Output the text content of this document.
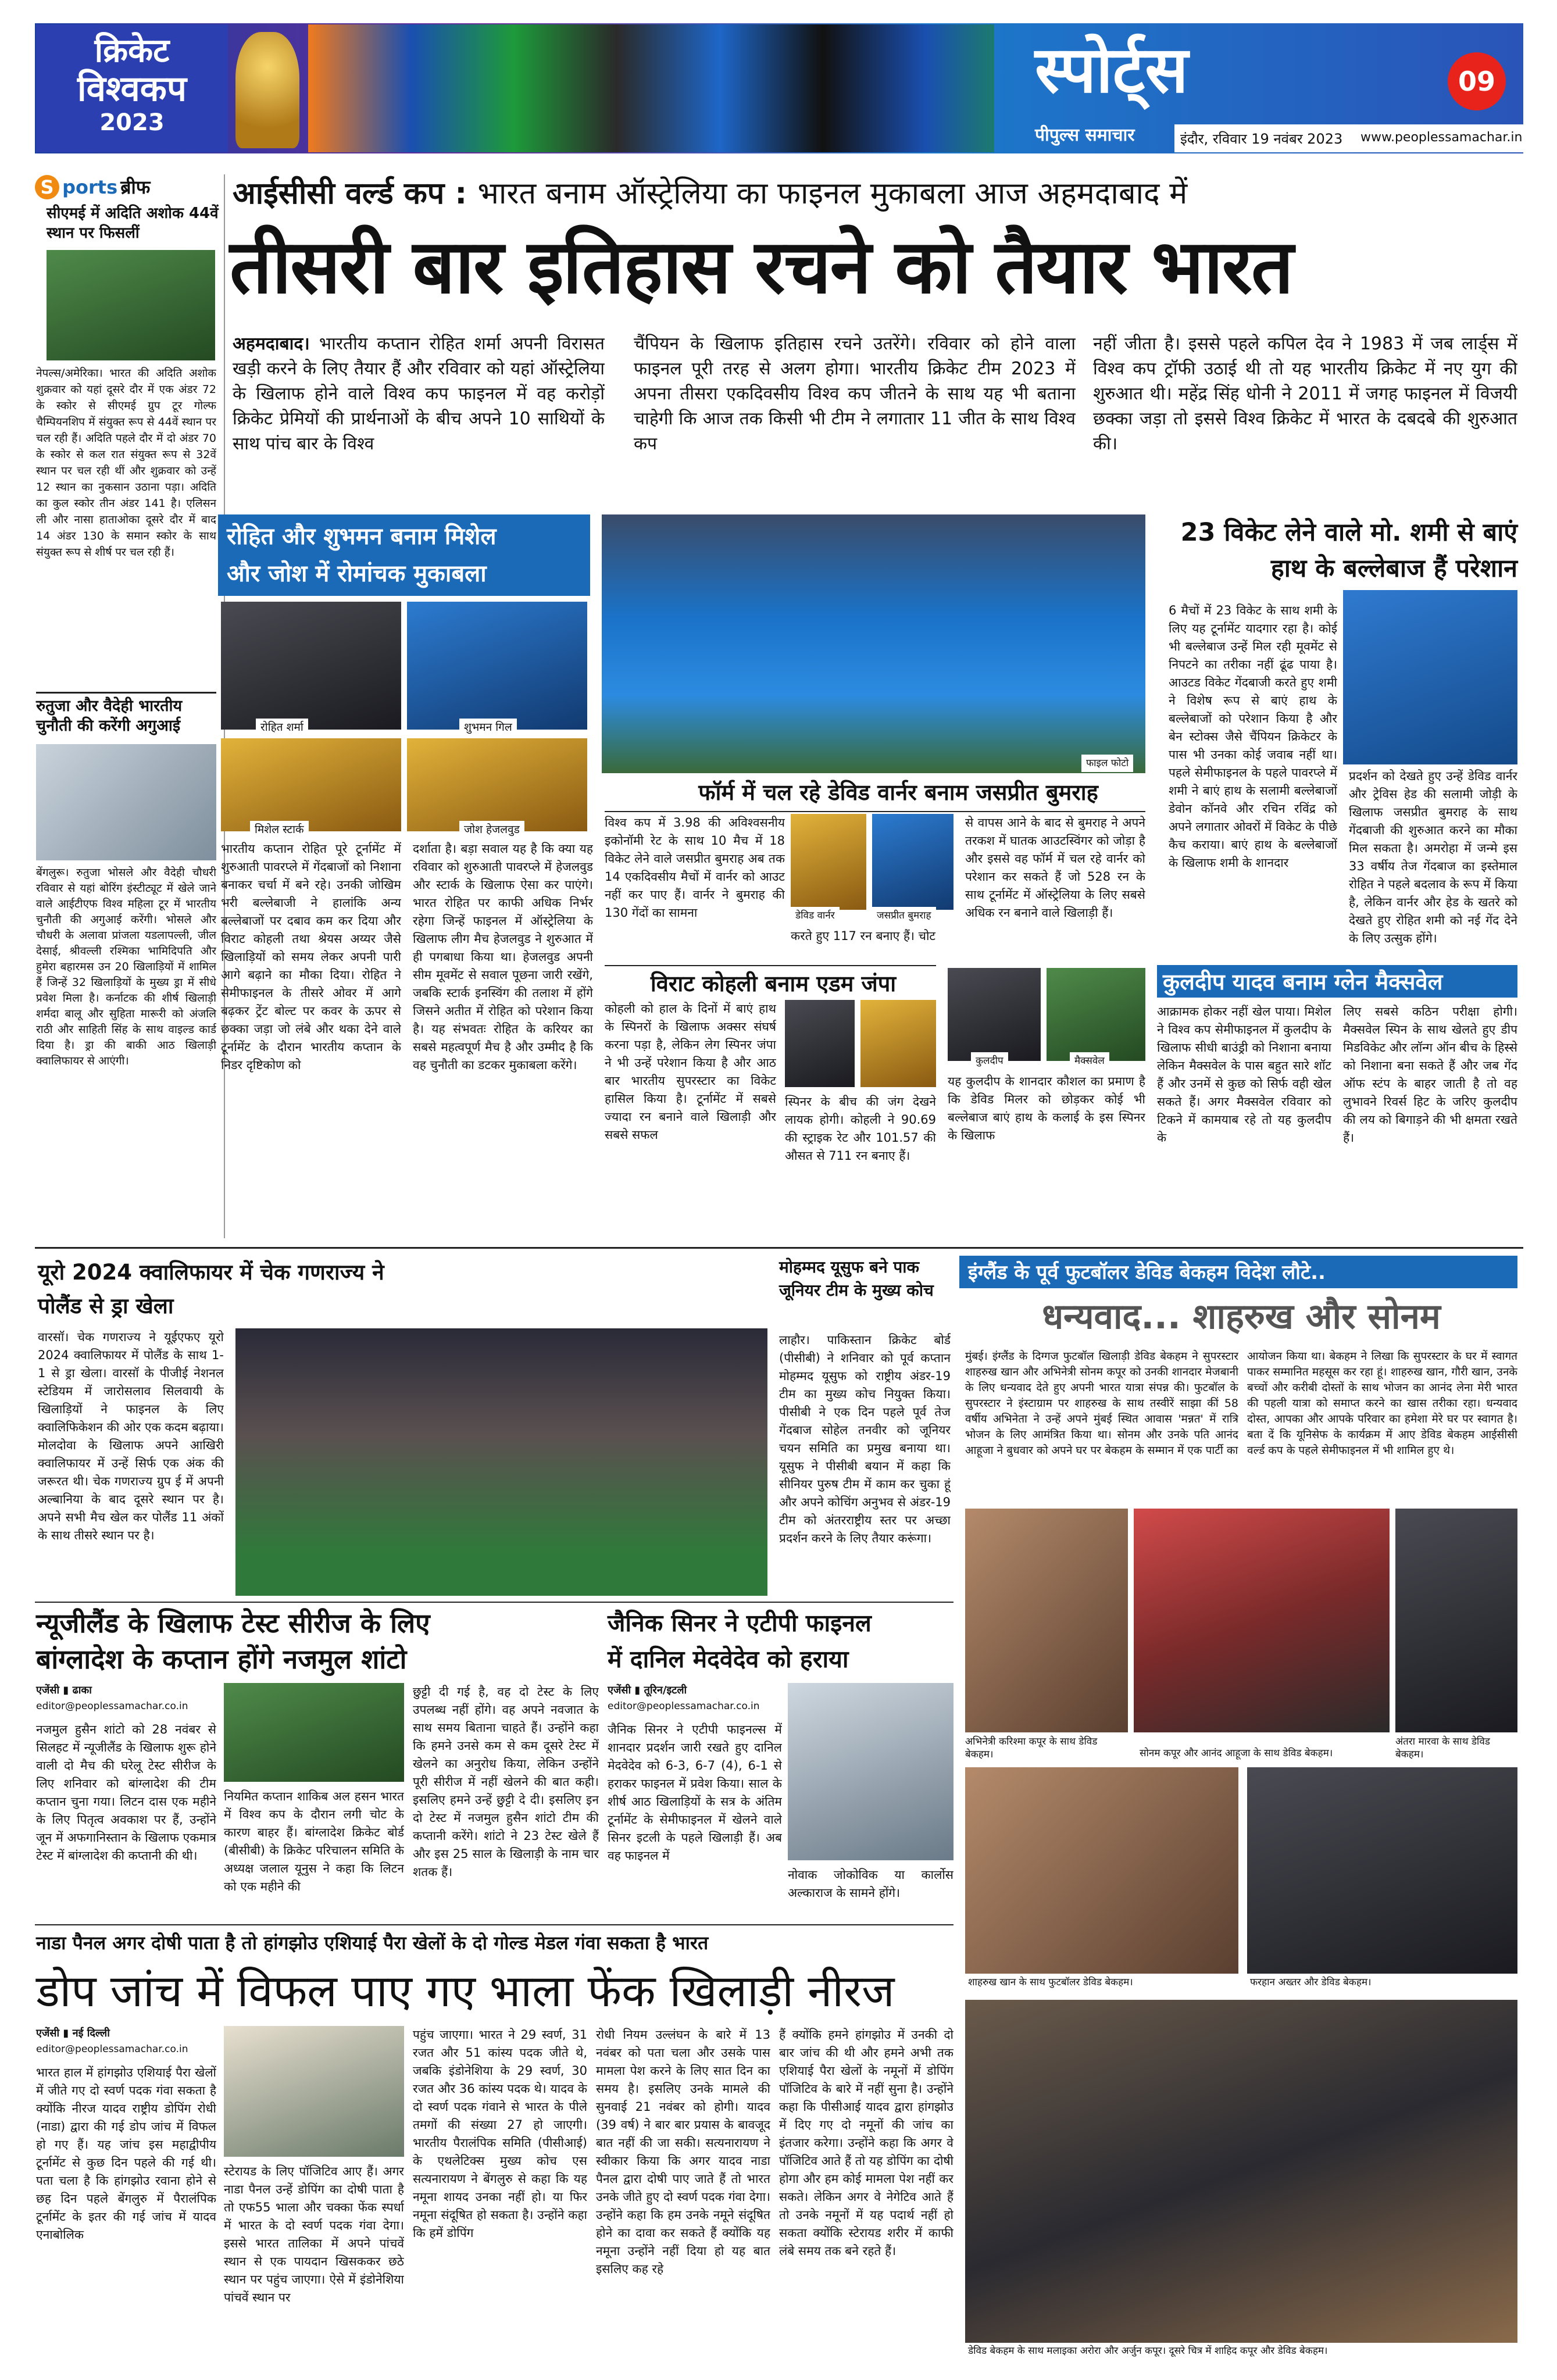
क्रिकेट
विश्वकप
2023
स्पोर्ट्स
पीपुल्स समाचार	इंदौर, रविवार 19 नवंबर 2023 www.peoplessamachar.in
09
S ports ब्रीफ
सीएमई में अदिति अशोक 44वें स्थान पर फिसलीं
नेपल्स/अमेरिका। भारत की अदिति अशोक शुक्रवार को यहां दूसरे दौर में एक अंडर 72 के स्कोर से सीएमई ग्रुप टूर गोल्फ चैम्पियनशिप में संयुक्त रूप से 44वें स्थान पर चल रही हैं। अदिति पहले दौर में दो अंडर 70 के स्कोर से कल रात संयुक्त रूप से 32वें स्थान पर चल रही थीं और शुक्रवार को उन्हें 12 स्थान का नुकसान उठाना पड़ा। अदिति का कुल स्कोर तीन अंडर 141 है। एलिसन ली और नासा हाताओका दूसरे दौर में बाद 14 अंडर 130 के समान स्कोर के साथ संयुक्त रूप से शीर्ष पर चल रही हैं।
रुतुजा और वैदेही भारतीय चुनौती की करेंगी अगुआई
बेंगलुरू। रुतुजा भोसले और वैदेही चौधरी रविवार से यहां बोरिंग इंस्टीट्यूट में खेले जाने वाले आईटीएफ विश्व महिला टूर में भारतीय चुनौती की अगुआई करेंगी। भोसले और चौधरी के अलावा प्रांजला यडलापल्ली, जील देसाई, श्रीवल्ली रश्मिका भामिदिपति और हुमेरा बहारमस उन 20 खिलाड़ियों में शामिल हैं जिन्हें 32 खिलाड़ियों के मुख्य ड्रा में सीधे प्रवेश मिला है। कर्नाटक की शीर्ष खिलाड़ी शर्मदा बालू और सुहिता मारूरी को अंजलि राठी और साहिती सिंह के साथ वाइल्ड कार्ड दिया है। ड्रा की बाकी आठ खिलाड़ी क्वालिफायर से आएंगी।
आईसीसी वर्ल्ड कप : भारत बनाम ऑस्ट्रेलिया का फाइनल मुकाबला आज अहमदाबाद में
तीसरी बार इतिहास रचने को तैयार भारत
अहमदाबाद। भारतीय कप्तान रोहित शर्मा अपनी विरासत खड़ी करने के लिए तैयार हैं और रविवार को यहां ऑस्ट्रेलिया के खिलाफ होने वाले विश्व कप फाइनल में वह करोड़ों क्रिकेट प्रेमियों की प्रार्थनाओं के बीच अपने 10 साथियों के साथ पांच बार के विश्व
चैंपियन के खिलाफ इतिहास रचने उतरेंगे। रविवार को होने वाला फाइनल पूरी तरह से अलग होगा। भारतीय क्रिकेट टीम 2023 में अपना तीसरा एकदिवसीय विश्व कप जीतने के साथ यह भी बताना चाहेगी कि आज तक किसी भी टीम ने लगातार 11 जीत के साथ विश्व कप
नहीं जीता है। इससे पहले कपिल देव ने 1983 में जब लार्ड्स में विश्व कप ट्रॉफी उठाई थी तो यह भारतीय क्रिकेट में नए युग की शुरुआत थी। महेंद्र सिंह धोनी ने 2011 में जगह फाइनल में विजयी छक्का जड़ा तो इससे विश्व क्रिकेट में भारत के दबदबे की शुरुआत की।
रोहित और शुभमन बनाम मिशेल
और जोश में रोमांचक मुकाबला
रोहित शर्मा	शुभमन गिल
मिशेल स्टार्क	जोश हेजलवुड
भारतीय कप्तान रोहित पूरे टूर्नामेंट में शुरुआती पावरप्ले में गेंदबाजों को निशाना बनाकर चर्चा में बने रहे। उनकी जोखिम भरी बल्लेबाजी ने हालांकि अन्य बल्लेबाजों पर दबाव कम कर दिया और विराट कोहली तथा श्रेयस अय्यर जैसे खिलाड़ियों को समय लेकर अपनी पारी आगे बढ़ाने का मौका दिया। रोहित ने सेमीफाइनल के तीसरे ओवर में आगे बढ़कर ट्रेंट बोल्ट पर कवर के ऊपर से छक्का जड़ा जो लंबे और थका देने वाले टूर्नामेंट के दौरान भारतीय कप्तान के निडर दृष्टिकोण को
दर्शाता है। बड़ा सवाल यह है कि क्या यह रविवार को शुरुआती पावरप्ले में हेजलवुड और स्टार्क के खिलाफ ऐसा कर पाएंगे। भारत रोहित पर काफी अधिक निर्भर रहेगा जिन्हें फाइनल में ऑस्ट्रेलिया के खिलाफ लीग मैच हेजलवुड ने शुरुआत में ही पगबाधा किया था। हेजलवुड अपनी सीम मूवमेंट से सवाल पूछना जारी रखेंगे, जबकि स्टार्क इनस्विंग की तलाश में होंगे जिसने अतीत में रोहित को परेशान किया है। यह संभवतः रोहित के करियर का सबसे महत्वपूर्ण मैच है और उम्मीद है कि वह चुनौती का डटकर मुकाबला करेंगे।
फाइल फोटो
23 विकेट लेने वाले मो. शमी से बाएं हाथ के बल्लेबाज हैं परेशान
6 मैचों में 23 विकेट के साथ शमी के लिए यह टूर्नामेंट यादगार रहा है। कोई भी बल्लेबाज उन्हें मिल रही मूवमेंट से निपटने का तरीका नहीं ढूंढ पाया है। आउटड विकेट गेंदबाजी करते हुए शमी ने विशेष रूप से बाएं हाथ के बल्लेबाजों को परेशान किया है और बेन स्टोक्स जैसे चैंपियन क्रिकेटर के पास भी उनका कोई जवाब नहीं था। पहले सेमीफाइनल के पहले पावरप्ले में शमी ने बाएं हाथ के सलामी बल्लेबाजों डेवोन कॉनवे और रचिन रविंद्र को अपने लगातार ओवरों में विकेट के पीछे कैच कराया। बाएं हाथ के बल्लेबाजों के खिलाफ शमी के शानदार
प्रदर्शन को देखते हुए उन्हें डेविड वार्नर और ट्रेविस हेड की सलामी जोड़ी के खिलाफ जसप्रीत बुमराह के साथ गेंदबाजी की शुरुआत करने का मौका मिल सकता है। अमरोहा में जन्मे इस 33 वर्षीय तेज गेंदबाज का इस्तेमाल रोहित ने पहले बदलाव के रूप में किया है, लेकिन वार्नर और हेड के खतरे को देखते हुए रोहित शमी को नई गेंद देने के लिए उत्सुक होंगे।
फॉर्म में चल रहे डेविड वार्नर बनाम जसप्रीत बुमराह
विश्व कप में 3.98 की अविश्वसनीय इकोनॉमी रेट के साथ 10 मैच में 18 विकेट लेने वाले जसप्रीत बुमराह अब तक 14 एकदिवसीय मैचों में वार्नर को आउट नहीं कर पाए हैं। वार्नर ने बुमराह की 130 गेंदों का सामना	डेविड वार्नर	जसप्रीत बुमराह
करते हुए 117 रन बनाए हैं। चोट
से वापस आने के बाद से बुमराह ने अपने तरकश में घातक आउटस्विंगर को जोड़ा है और इससे वह फॉर्म में चल रहे वार्नर को परेशान कर सकते हैं जो 528 रन के साथ टूर्नामेंट में ऑस्ट्रेलिया के लिए सबसे अधिक रन बनाने वाले खिलाड़ी हैं।
विराट कोहली बनाम एडम जंपा
कोहली को हाल के दिनों में बाएं हाथ के स्पिनरों के खिलाफ अक्सर संघर्ष करना पड़ा है, लेकिन लेग स्पिनर जंपा ने भी उन्हें परेशान किया है और आठ बार भारतीय सुपरस्टार का विकेट हासिल किया है। टूर्नामेंट में सबसे ज्यादा रन बनाने वाले खिलाड़ी और सबसे सफल
स्पिनर के बीच की जंग देखने लायक होगी। कोहली ने 90.69 की स्ट्राइक रेट और 101.57 की औसत से 711 रन बनाए हैं।
कुलदीप यादव बनाम ग्लेन मैक्सवेल
कुलदीप	मैक्सवेल
यह कुलदीप के शानदार कौशल का प्रमाण है कि डेविड मिलर को छोड़कर कोई भी बल्लेबाज बाएं हाथ के कलाई के इस स्पिनर के खिलाफ
आक्रामक होकर नहीं खेल पाया। मिशेल ने विश्व कप सेमीफाइनल में कुलदीप के खिलाफ सीधी बाउंड्री को निशाना बनाया लेकिन मैक्सवेल के पास बहुत सारे शॉट हैं और उनमें से कुछ को सिर्फ वही खेल सकते हैं। अगर मैक्सवेल रविवार को टिकने में कामयाब रहे तो यह कुलदीप के
लिए सबसे कठिन परीक्षा होगी। मैक्सवेल स्पिन के साथ खेलते हुए डीप मिडविकेट और लॉन्ग ऑन बीच के हिस्से को निशाना बना सकते हैं और जब गेंद ऑफ स्टंप के बाहर जाती है तो वह लुभावने रिवर्स हिट के जरिए कुलदीप की लय को बिगाड़ने की भी क्षमता रखते हैं।
यूरो 2024 क्वालिफायर में चेक गणराज्य ने पोलैंड से ड्रा खेला
वारसॉ। चेक गणराज्य ने यूईएफए यूरो 2024 क्वालिफायर में पोलैंड के साथ 1-1 से ड्रा खेला। वारसॉ के पीजीई नेशनल स्टेडियम में जारोसलाव सिलवायी के खिलाड़ियों ने फाइनल के लिए क्वालिफिकेशन की ओर एक कदम बढ़ाया। मोलदोवा के खिलाफ अपने आखिरी क्वालिफायर में उन्हें सिर्फ एक अंक की जरूरत थी। चेक गणराज्य ग्रुप ई में अपनी अल्बानिया के बाद दूसरे स्थान पर है। अपने सभी मैच खेल कर पोलैंड 11 अंकों के साथ तीसरे स्थान पर है।
मोहम्मद यूसुफ बने पाक जूनियर टीम के मुख्य कोच
लाहौर। पाकिस्तान क्रिकेट बोर्ड (पीसीबी) ने शनिवार को पूर्व कप्तान मोहम्मद यूसुफ को राष्ट्रीय अंडर-19 टीम का मुख्य कोच नियुक्त किया। पीसीबी ने एक दिन पहले पूर्व तेज गेंदबाज सोहेल तनवीर को जूनियर चयन समिति का प्रमुख बनाया था। यूसुफ ने पीसीबी बयान में कहा कि सीनियर पुरुष टीम में काम कर चुका हूं और अपने कोचिंग अनुभव से अंडर-19 टीम को अंतरराष्ट्रीय स्तर पर अच्छा प्रदर्शन करने के लिए तैयार करूंगा।
इंग्लैंड के पूर्व फुटबॉलर डेविड बेकहम विदेश लौटे..
धन्यवाद... शाहरुख और सोनम
मुंबई। इंग्लैंड के दिग्गज फुटबॉल खिलाड़ी डेविड बेकहम ने सुपरस्टार शाहरुख खान और अभिनेत्री सोनम कपूर को उनकी शानदार मेजबानी के लिए धन्यवाद देते हुए अपनी भारत यात्रा संपन्न की। फुटबॉल के सुपरस्टार ने इंस्टाग्राम पर शाहरुख के साथ तस्वीरें साझा कीं 58 वर्षीय अभिनेता ने उन्हें अपने मुंबई स्थित आवास 'मन्नत' में रात्रि भोजन के लिए आमंत्रित किया था। सोनम और उनके पति आनंद आहूजा ने बुधवार को अपने घर पर बेकहम के सम्मान में एक पार्टी का
आयोजन किया था। बेकहम ने लिखा कि सुपरस्टार के घर में स्वागत पाकर सम्मानित महसूस कर रहा हूं। शाहरुख खान, गौरी खान, उनके बच्चों और करीबी दोस्तों के साथ भोजन का आनंद लेना मेरी भारत की पहली यात्रा को समाप्त करने का खास तरीका रहा। धन्यवाद दोस्त, आपका और आपके परिवार का हमेशा मेरे घर पर स्वागत है। बता दें कि यूनिसेफ के कार्यक्रम में आए डेविड बेकहम आईसीसी वर्ल्ड कप के पहले सेमीफाइनल में भी शामिल हुए थे।
अभिनेत्री करिश्मा कपूर के साथ डेविड बेकहम।	सोनम कपूर और आनंद आहूजा के साथ डेविड बेकहम।
अंतरा मारवा के साथ डेविड बेकहम।
शाहरुख खान के साथ फुटबॉलर डेविड बेकहम।	फरहान अख्तर और डेविड बेकहम।
डेविड बेकहम के साथ मलाइका अरोरा और अर्जुन कपूर। दूसरे चित्र में शाहिद कपूर और डेविड बेकहम।
न्यूजीलैंड के खिलाफ टेस्ट सीरीज के लिए
बांग्लादेश के कप्तान होंगे नजमुल शांटो
एजेंसी ▮ ढाका
editor@peoplessamachar.co.in
नजमुल हुसैन शांटो को 28 नवंबर से सिलहट में न्यूजीलैंड के खिलाफ शुरू होने वाली दो मैच की घरेलू टेस्ट सीरीज के लिए शनिवार को बांग्लादेश की टीम कप्तान चुना गया। लिटन दास एक महीने के लिए पितृत्व अवकाश पर हैं, उन्होंने जून में अफगानिस्तान के खिलाफ एकमात्र टेस्ट में बांग्लादेश की कप्तानी की थी।
नियमित कप्तान शाकिब अल हसन भारत में विश्व कप के दौरान लगी चोट के कारण बाहर हैं। बांग्लादेश क्रिकेट बोर्ड (बीसीबी) के क्रिकेट परिचालन समिति के अध्यक्ष जलाल यूनुस ने कहा कि लिटन को एक महीने की
छुट्टी दी गई है, वह दो टेस्ट के लिए उपलब्ध नहीं होंगे। वह अपने नवजात के साथ समय बिताना चाहते हैं। उन्होंने कहा कि हमने उनसे कम से कम दूसरे टेस्ट में खेलने का अनुरोध किया, लेकिन उन्होंने पूरी सीरीज में नहीं खेलने की बात कही। इसलिए हमने उन्हें छुट्टी दे दी। इसलिए इन दो टेस्ट में नजमुल हुसैन शांटो टीम की कप्तानी करेंगे। शांटो ने 23 टेस्ट खेले हैं और इस 25 साल के खिलाड़ी के नाम चार शतक हैं।
जैनिक सिनर ने एटीपी फाइनल
में दानिल मेदवेदेव को हराया
एजेंसी ▮ तूरिन/इटली
editor@peoplessamachar.co.in
जैनिक सिनर ने एटीपी फाइनल्स में शानदार प्रदर्शन जारी रखते हुए दानिल मेदवेदेव को 6-3, 6-7 (4), 6-1 से हराकर फाइनल में प्रवेश किया। साल के शीर्ष आठ खिलाड़ियों के सत्र के अंतिम टूर्नामेंट के सेमीफाइनल में खेलने वाले सिनर इटली के पहले खिलाड़ी हैं। अब वह फाइनल में
नोवाक जोकोविक या कार्लोस अल्काराज के सामने होंगे।
नाडा पैनल अगर दोषी पाता है तो हांगझोउ एशियाई पैरा खेलों के दो गोल्ड मेडल गंवा सकता है भारत
डोप जांच में विफल पाए गए भाला फेंक खिलाड़ी नीरज
एजेंसी ▮ नई दिल्ली
editor@peoplessamachar.co.in
भारत हाल में हांगझोउ एशियाई पैरा खेलों में जीते गए दो स्वर्ण पदक गंवा सकता है क्योंकि नीरज यादव राष्ट्रीय डोपिंग रोधी (नाडा) द्वारा की गई डोप जांच में विफल हो गए हैं। यह जांच इस महाद्वीपीय टूर्नामेंट से कुछ दिन पहले की गई थी। पता चला है कि हांगझोउ रवाना होने से छह दिन पहले बेंगलुरु में पैरालंपिक टूर्नामेंट के इतर की गई जांच में यादव एनाबोलिक
स्टेरायड के लिए पॉजिटिव आए हैं। अगर नाडा पैनल उन्हें डोपिंग का दोषी पाता है तो एफ55 भाला और चक्का फेंक स्पर्धा में भारत के दो स्वर्ण पदक गंवा देगा। इससे भारत तालिका में अपने पांचवें स्थान से एक पायदान खिसककर छठे स्थान पर पहुंच जाएगा। ऐसे में इंडोनेशिया पांचवें स्थान पर
पहुंच जाएगा। भारत ने 29 स्वर्ण, 31 रजत और 51 कांस्य पदक जीते थे, जबकि इंडोनेशिया के 29 स्वर्ण, 30 रजत और 36 कांस्य पदक थे। यादव के दो स्वर्ण पदक गंवाने से भारत के पीले तमगों की संख्या 27 हो जाएगी। भारतीय पैरालंपिक समिति (पीसीआई) के एथलेटिक्स मुख्य कोच एस सत्यनारायण ने बेंगलुरु से कहा कि यह नमूना शायद उनका नहीं हो। या फिर नमूना संदूषित हो सकता है। उन्होंने कहा कि हमें डोपिंग
रोधी नियम उल्लंघन के बारे में 13 नवंबर को पता चला और उसके पास मामला पेश करने के लिए सात दिन का समय है। इसलिए उनके मामले की सुनवाई 21 नवंबर को होगी। यादव (39 वर्ष) ने बार बार प्रयास के बावजूद बात नहीं की जा सकी। सत्यनारायण ने स्वीकार किया कि अगर यादव नाडा पैनल द्वारा दोषी पाए जाते हैं तो भारत उनके जीते हुए दो स्वर्ण पदक गंवा देगा। उन्होंने कहा कि हम उनके नमूने संदूषित होने का दावा कर सकते हैं क्योंकि यह नमूना उन्होंने नहीं दिया हो यह बात इसलिए कह रहे
हैं क्योंकि हमने हांगझोउ में उनकी दो बार जांच की थी और हमने अभी तक एशियाई पैरा खेलों के नमूनों में डोपिंग पॉजिटिव के बारे में नहीं सुना है। उन्होंने कहा कि पीसीआई यादव द्वारा हांगझोउ में दिए गए दो नमूनों की जांच का इंतजार करेगा। उन्होंने कहा कि अगर वे पॉजिटिव आते हैं तो यह डोपिंग का दोषी होगा और हम कोई मामला पेश नहीं कर सकते। लेकिन अगर वे नेगेटिव आते हैं तो उनके नमूनों में यह पदार्थ नहीं हो सकता क्योंकि स्टेरायड शरीर में काफी लंबे समय तक बने रहते हैं।
